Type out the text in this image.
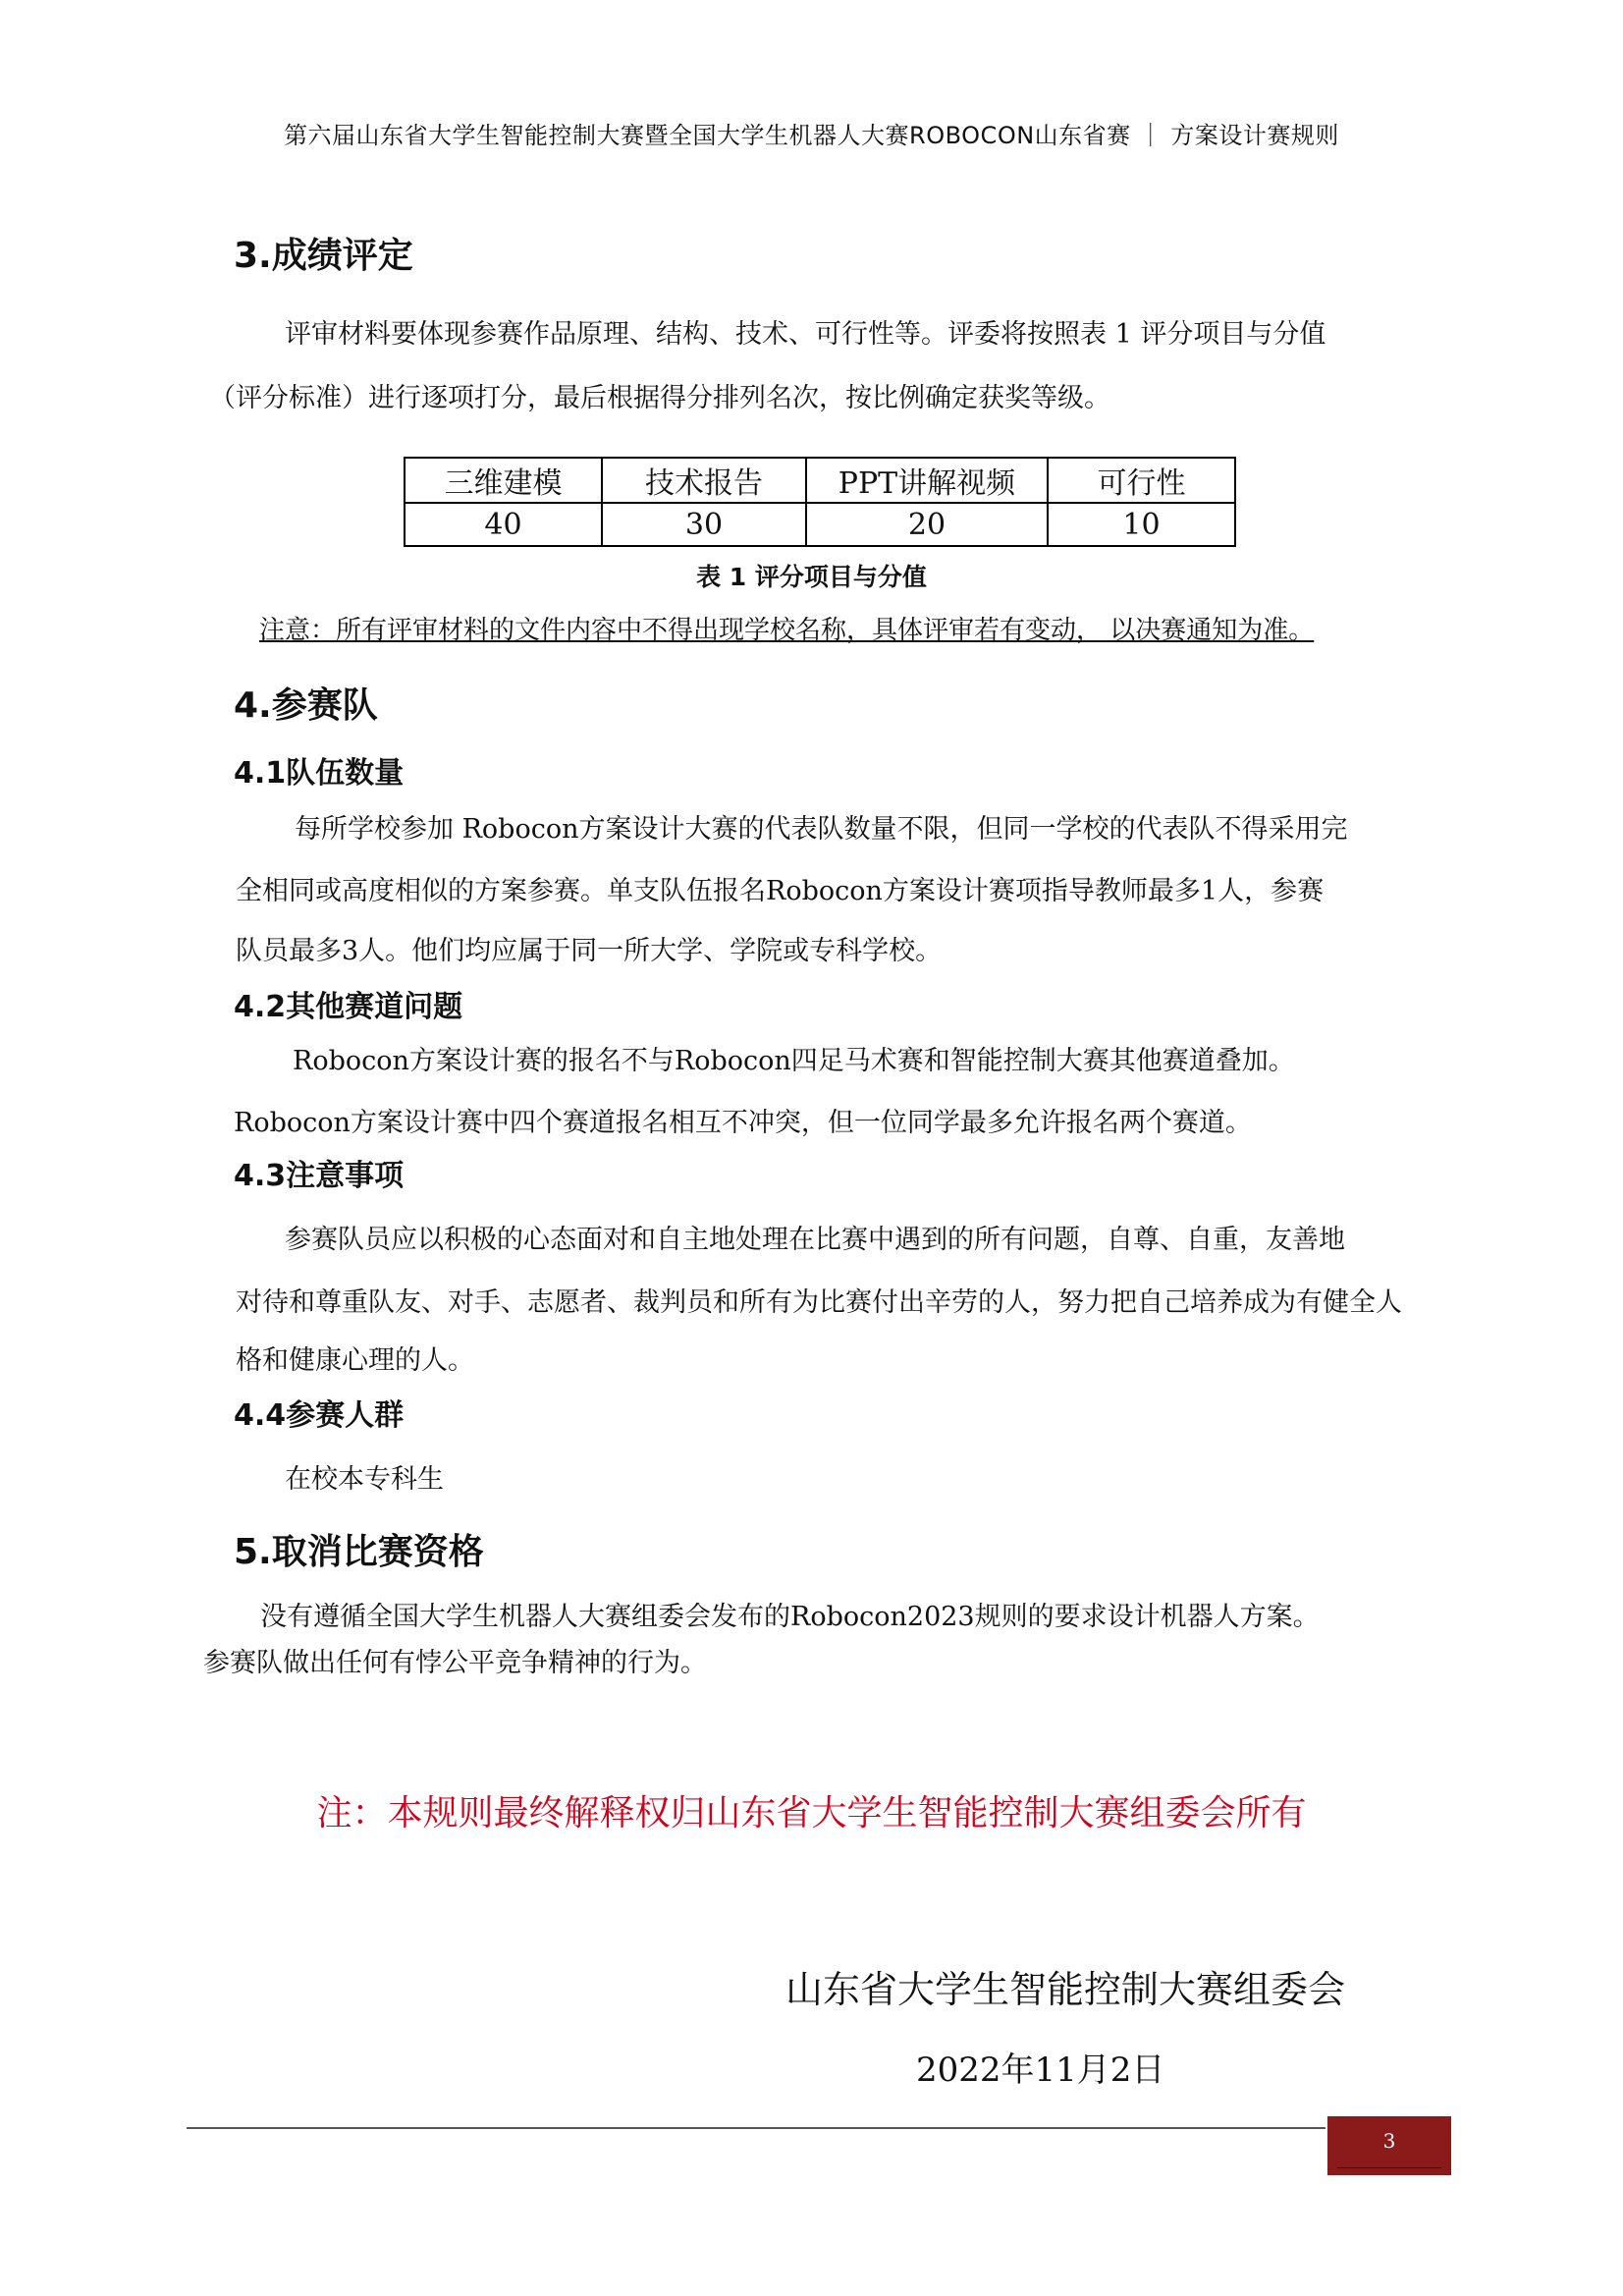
第六届山东省大学生智能控制大赛暨全国大学生机器人大赛ROBOCON山东省赛 ｜ 方案设计赛规则
3.成绩评定
评审材料要体现参赛作品原理、结构、技术、可行性等。评委将按照表 1 评分项目与分值
（评分标准）进行逐项打分，最后根据得分排列名次，按比例确定获奖等级。
三维建模	技术报告	PPT讲解视频	可行性
40	30	20	10
表 1 评分项目与分值
注意：所有评审材料的文件内容中不得出现学校名称，具体评审若有变动， 以决赛通知为准。
4.参赛队
4.1队伍数量
每所学校参加 Robocon方案设计大赛的代表队数量不限，但同一学校的代表队不得采用完
全相同或高度相似的方案参赛。单支队伍报名Robocon方案设计赛项指导教师最多1人，参赛
队员最多3人。他们均应属于同一所大学、学院或专科学校。
4.2其他赛道问题
Robocon方案设计赛的报名不与Robocon四足马术赛和智能控制大赛其他赛道叠加。
Robocon方案设计赛中四个赛道报名相互不冲突，但一位同学最多允许报名两个赛道。
4.3注意事项
参赛队员应以积极的心态面对和自主地处理在比赛中遇到的所有问题，自尊、自重，友善地
对待和尊重队友、对手、志愿者、裁判员和所有为比赛付出辛劳的人，努力把自己培养成为有健全人
格和健康心理的人。
4.4参赛人群
在校本专科生
5.取消比赛资格
没有遵循全国大学生机器人大赛组委会发布的Robocon2023规则的要求设计机器人方案。
参赛队做出任何有悖公平竞争精神的行为。
注：本规则最终解释权归山东省大学生智能控制大赛组委会所有
山东省大学生智能控制大赛组委会
2022年11月2日
3
